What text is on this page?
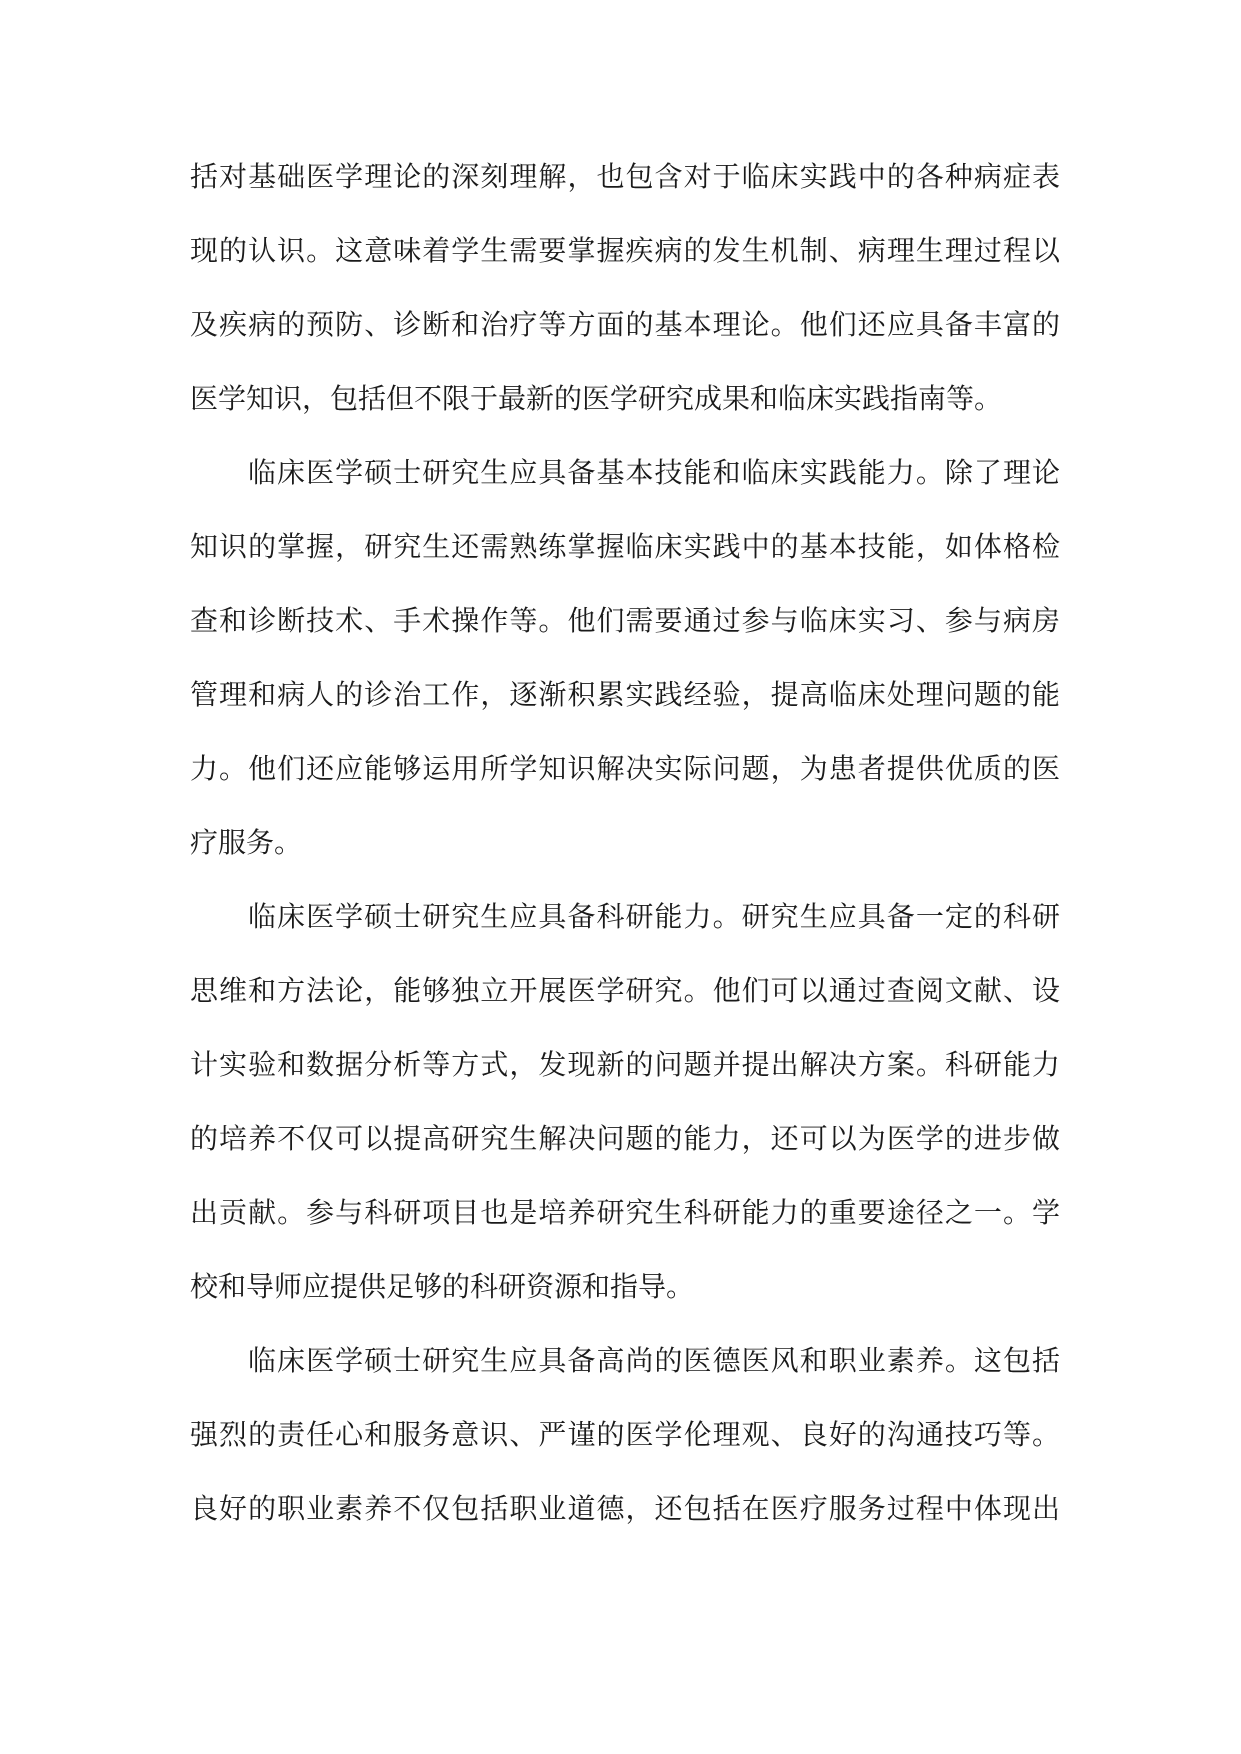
括对基础医学理论的深刻理解，也包含对于临床实践中的各种病症表
现的认识。这意味着学生需要掌握疾病的发生机制、病理生理过程以
及疾病的预防、诊断和治疗等方面的基本理论。他们还应具备丰富的
医学知识，包括但不限于最新的医学研究成果和临床实践指南等。
临床医学硕士研究生应具备基本技能和临床实践能力。除了理论
知识的掌握，研究生还需熟练掌握临床实践中的基本技能，如体格检
查和诊断技术、手术操作等。他们需要通过参与临床实习、参与病房
管理和病人的诊治工作，逐渐积累实践经验，提高临床处理问题的能
力。他们还应能够运用所学知识解决实际问题，为患者提供优质的医
疗服务。
临床医学硕士研究生应具备科研能力。研究生应具备一定的科研
思维和方法论，能够独立开展医学研究。他们可以通过查阅文献、设
计实验和数据分析等方式，发现新的问题并提出解决方案。科研能力
的培养不仅可以提高研究生解决问题的能力，还可以为医学的进步做
出贡献。参与科研项目也是培养研究生科研能力的重要途径之一。学
校和导师应提供足够的科研资源和指导。
临床医学硕士研究生应具备高尚的医德医风和职业素养。这包括
强烈的责任心和服务意识、严谨的医学伦理观、良好的沟通技巧等。
良好的职业素养不仅包括职业道德，还包括在医疗服务过程中体现出
